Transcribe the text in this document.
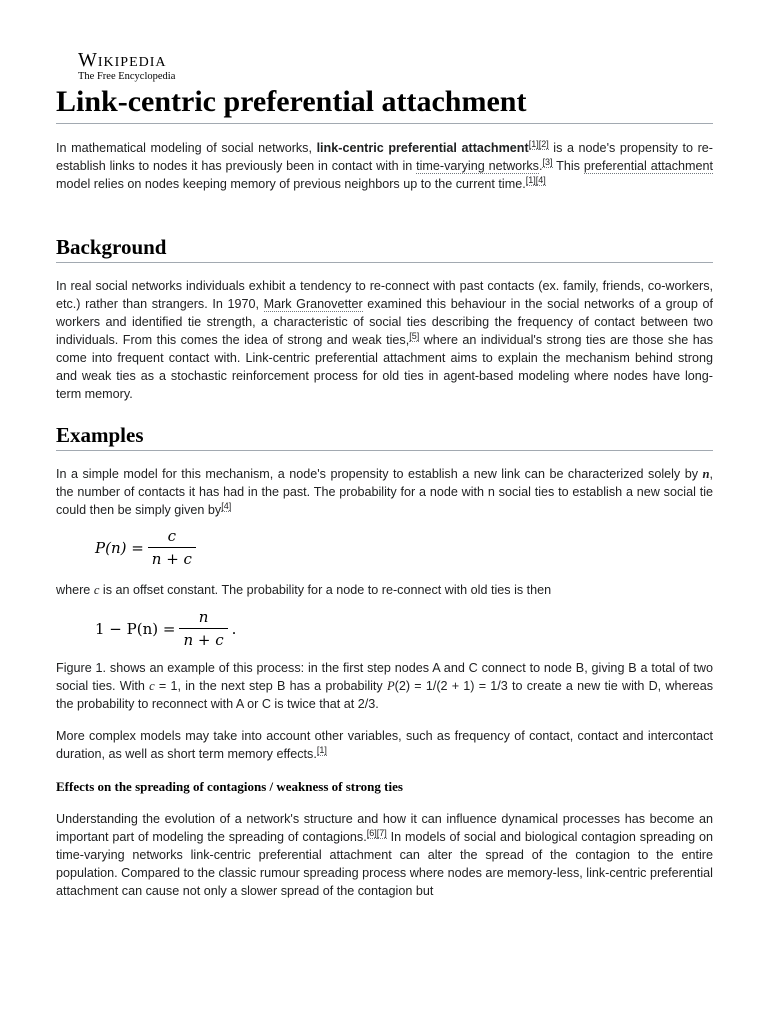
Wikipedia
The Free Encyclopedia
Link-centric preferential attachment

In mathematical modeling of social networks, link-centric preferential attachment[1][2] is a node's propensity to re-establish links to nodes it has previously been in contact with in time-varying networks.[3] This preferential attachment model relies on nodes keeping memory of previous neighbors up to the current time.[1][4]

Background

In real social networks individuals exhibit a tendency to re-connect with past contacts (ex. family, friends, co-workers, etc.) rather than strangers. In 1970, Mark Granovetter examined this behaviour in the social networks of a group of workers and identified tie strength, a characteristic of social ties describing the frequency of contact between two individuals. From this comes the idea of strong and weak ties,[5] where an individual's strong ties are those she has come into frequent contact with. Link-centric preferential attachment aims to explain the mechanism behind strong and weak ties as a stochastic reinforcement process for old ties in agent-based modeling where nodes have long-term memory.

Examples

In a simple model for this mechanism, a node's propensity to establish a new link can be characterized solely by n, the number of contacts it has had in the past. The probability for a node with n social ties to establish a new social tie could then be simply given by[4]

$P(n) = \frac{c}{n + c}$

where c is an offset constant. The probability for a node to re-connect with old ties is then

$1 - P(n) = \frac{n}{n + c}$ .

Figure 1. shows an example of this process: in the first step nodes A and C connect to node B, giving B a total of two social ties. With c = 1, in the next step B has a probability P(2) = 1/(2 + 1) = 1/3 to create a new tie with D, whereas the probability to reconnect with A or C is twice that at 2/3.

More complex models may take into account other variables, such as frequency of contact, contact and intercontact duration, as well as short term memory effects.[1]

Effects on the spreading of contagions / weakness of strong ties

Understanding the evolution of a network's structure and how it can influence dynamical processes has become an important part of modeling the spreading of contagions.[6][7] In models of social and biological contagion spreading on time-varying networks link-centric preferential attachment can alter the spread of the contagion to the entire population. Compared to the classic rumour spreading process where nodes are memory-less, link-centric preferential attachment can cause not only a slower spread of the contagion but
